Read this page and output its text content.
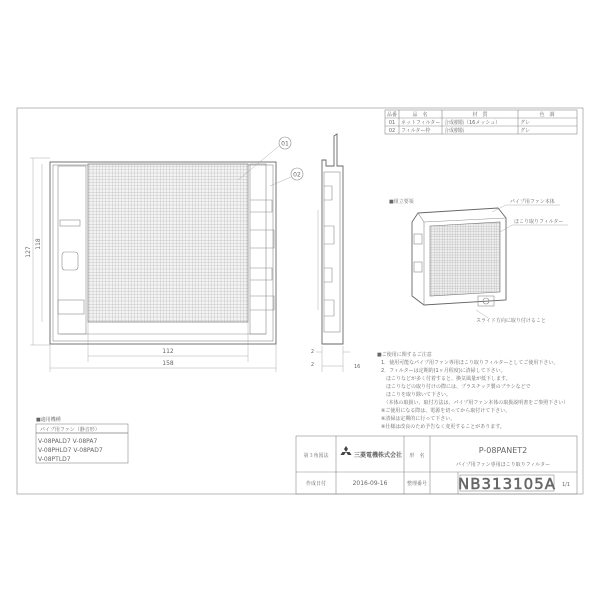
品番	品　名	材　質	色　調
01 ネットフィルター 合成樹脂（16メッシュ）	グレ
02 フィルター枠	合成樹脂	グレ
01
02
127
118
112
158
2
2	16
■組立要領	パイプ用ファン本体
ほこり取りフィルター
スライド方向に取り付けること
■ご使用に関するご注意
1．使用可能なパイプ用ファン専用ほこり取りフィルターとしてご使用下さい。
2．フィルターは定期的(1ヶ月程度)に清掃して下さい。
　ほこりなどが多く付着すると、換気風量が低下します。
　ほこりなどの取り付けの際には、プラスチック製のブラシなどで
　ほこりを取り除いて下さい。
　（本体の取扱い、取付方法は、パイプ用ファン本体の取扱説明書をご参照下さい）
※ご使用になる際は、電源を切ってから取付けて下さい。
※清掃は定期的に行って下さい。
※仕様は改良のため予告なく変更することがあります。
■適用機種
パイプ用ファン（静音形）
V-08PALD7 V-08PA7
V-08PHLD7 V-08PAD7
V-08PTLD7	第３角図法	三菱電機株式会社 形　名
P-08PANET2
パイプ用ファン専用ほこり取りフィルター
作成日付	2016-09-16	整理番号 NB313105A 1/1
